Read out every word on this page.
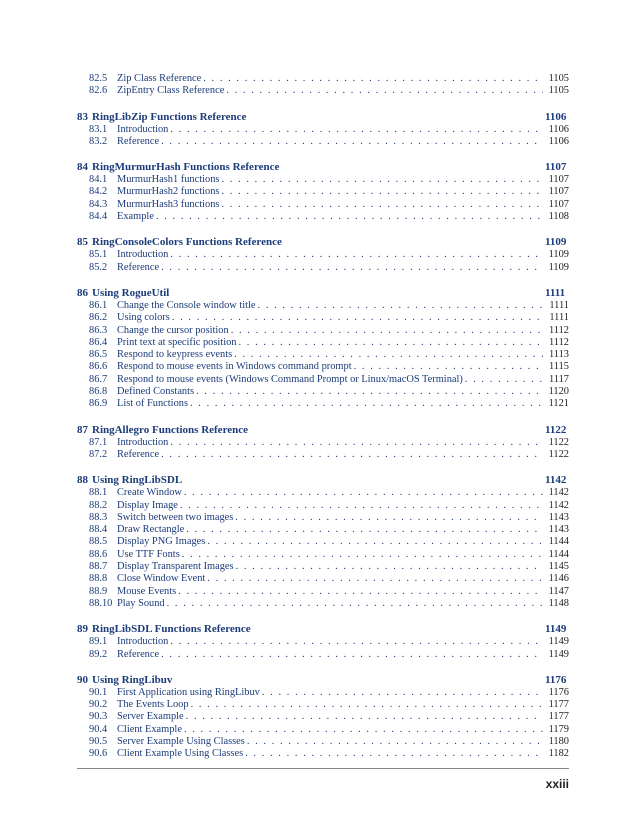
82.5 Zip Class Reference . . .	1105
82.6 ZipEntry Class Reference . . .	1105
83 RingLibZip Functions Reference	1106
83.1 Introduction . . .	1106
83.2 Reference . . .	1106
84 RingMurmurHash Functions Reference	1107
84.1 MurmurHash1 functions . . .	1107
84.2 MurmurHash2 functions . . .	1107
84.3 MurmurHash3 functions . . .	1107
84.4 Example . . .	1108
85 RingConsoleColors Functions Reference	1109
85.1 Introduction . . .	1109
85.2 Reference . . .	1109
86 Using RogueUtil	1111
86.1 Change the Console window title . . .	1111
86.2 Using colors . . .	1111
86.3 Change the cursor position . . .	1112
86.4 Print text at specific position . . .	1112
86.5 Respond to keypress events . . .	1113
86.6 Respond to mouse events in Windows command prompt . . .	1115
86.7 Respond to mouse events (Windows Command Prompt or Linux/macOS Terminal) . . .	1117
86.8 Defined Constants . . .	1120
86.9 List of Functions . . .	1121
87 RingAllegro Functions Reference	1122
87.1 Introduction . . .	1122
87.2 Reference . . .	1122
88 Using RingLibSDL	1142
88.1 Create Window . . .	1142
88.2 Display Image . . .	1142
88.3 Switch between two images . . .	1143
88.4 Draw Rectangle . . .	1143
88.5 Display PNG Images . . .	1144
88.6 Use TTF Fonts . . .	1144
88.7 Display Transparent Images . . .	1145
88.8 Close Window Event . . .	1146
88.9 Mouse Events . . .	1147
88.10 Play Sound . . .	1148
89 RingLibSDL Functions Reference	1149
89.1 Introduction . . .	1149
89.2 Reference . . .	1149
90 Using RingLibuv	1176
90.1 First Application using RingLibuv . . .	1176
90.2 The Events Loop . . .	1177
90.3 Server Example . . .	1177
90.4 Client Example . . .	1179
90.5 Server Example Using Classes . . .	1180
90.6 Client Example Using Classes . . .	1182
xxiii
